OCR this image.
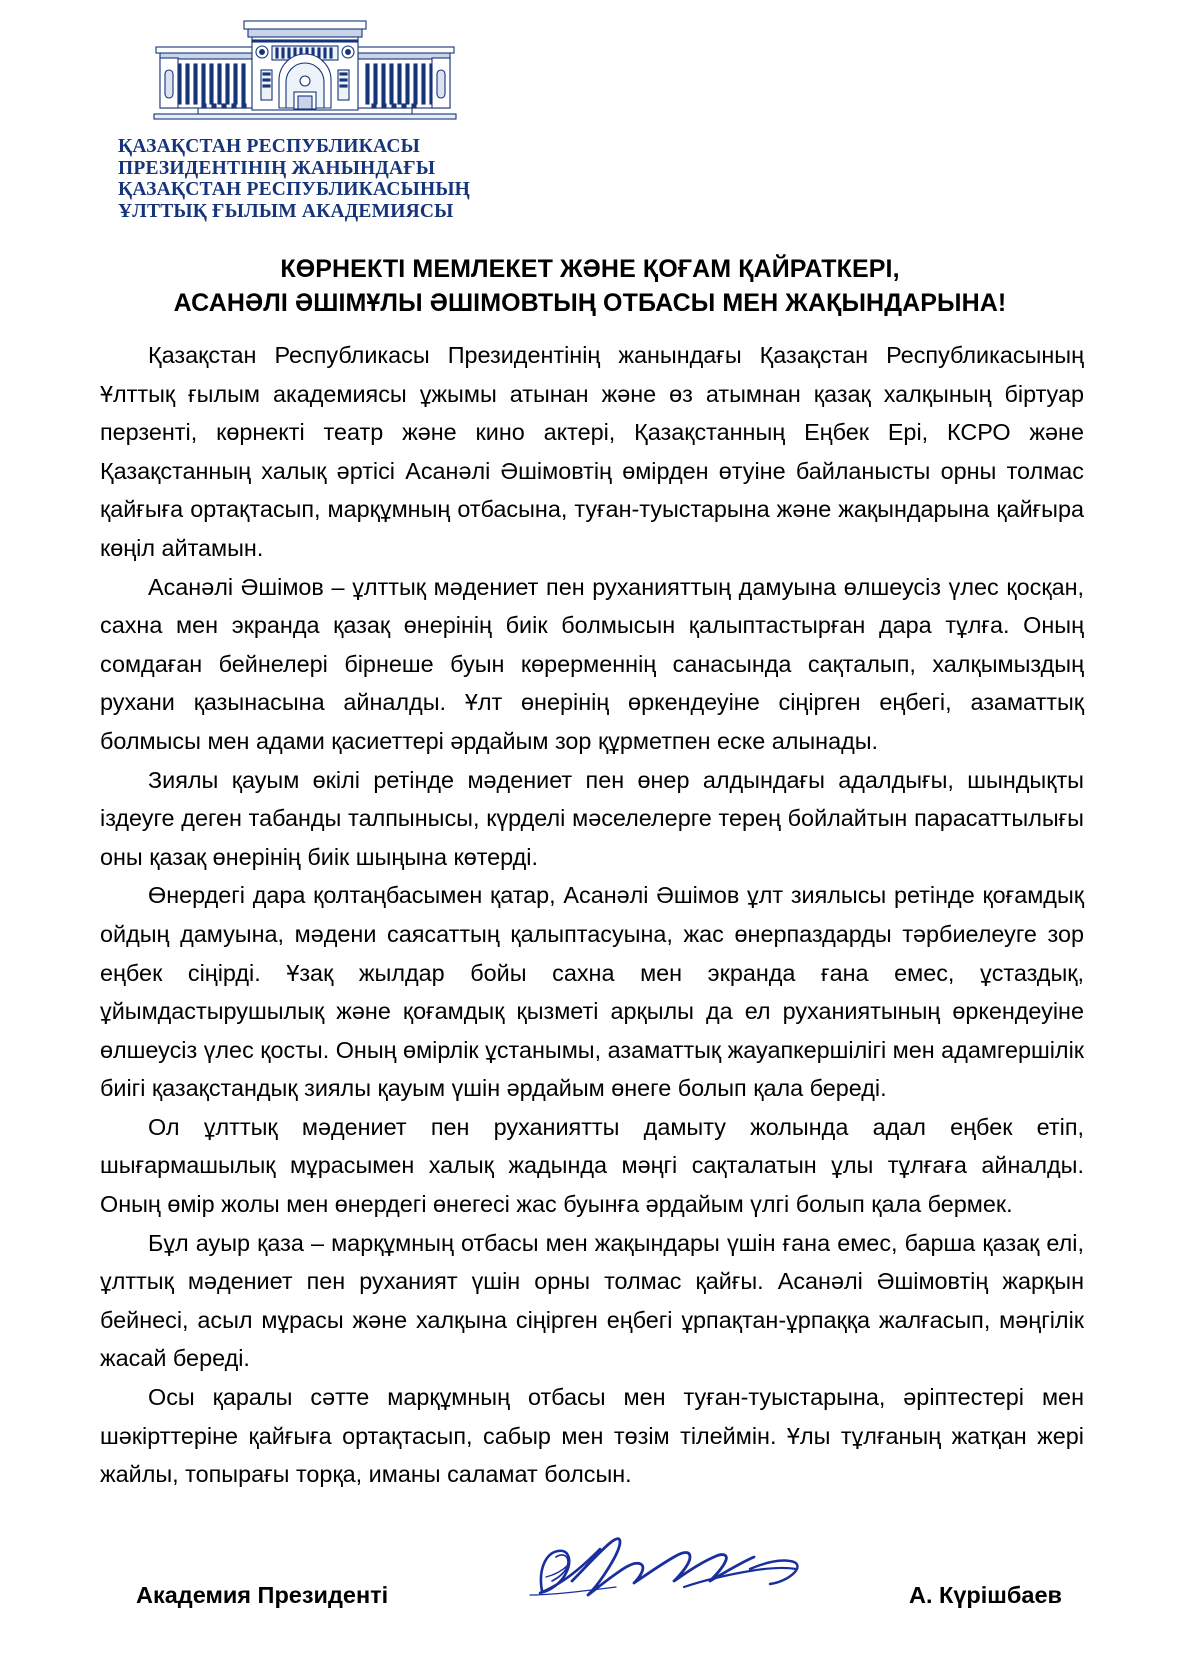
ҚАЗАҚСТАН РЕСПУБЛИКАСЫ
ПРЕЗИДЕНТІНІҢ ЖАНЫНДАҒЫ
ҚАЗАҚСТАН РЕСПУБЛИКАСЫНЫҢ
ҰЛТТЫҚ ҒЫЛЫМ АКАДЕМИЯСЫ
КӨРНЕКТІ МЕМЛЕКЕТ ЖӘНЕ ҚОҒАМ ҚАЙРАТКЕРІ,
АСАНӘЛІ ӘШІМҰЛЫ ӘШІМОВТЫҢ ОТБАСЫ МЕН ЖАҚЫНДАРЫНА!

Қазақстан Республикасы Президентінің жанындағы Қазақстан Республикасының Ұлттық ғылым академиясы ұжымы атынан және өз атымнан қазақ халқының біртуар перзенті, көрнекті театр және кино актері, Қазақстанның Еңбек Ері, КСРО және Қазақстанның халық әртісі Асанәлі Әшімовтің өмірден өтуіне байланысты орны толмас қайғыға ортақтасып, марқұмның отбасына, туған-туыстарына және жақындарына қайғыра көңіл айтамын.

Асанәлі Әшімов – ұлттық мәдениет пен руханияттың дамуына өлшеусіз үлес қосқан, сахна мен экранда қазақ өнерінің биік болмысын қалыптастырған дара тұлға. Оның сомдаған бейнелері бірнеше буын көрерменнің санасында сақталып, халқымыздың рухани қазынасына айналды. Ұлт өнерінің өркендеуіне сіңірген еңбегі, азаматтық болмысы мен адами қасиеттері әрдайым зор құрметпен еске алынады.

Зиялы қауым өкілі ретінде мәдениет пен өнер алдындағы адалдығы, шындықты іздеуге деген табанды талпынысы, күрделі мәселелерге терең бойлайтын парасаттылығы оны қазақ өнерінің биік шыңына көтерді.

Өнердегі дара қолтаңбасымен қатар, Асанәлі Әшімов ұлт зиялысы ретінде қоғамдық ойдың дамуына, мәдени саясаттың қалыптасуына, жас өнерпаздарды тәрбиелеуге зор еңбек сіңірді. Ұзақ жылдар бойы сахна мен экранда ғана емес, ұстаздық, ұйымдастырушылық және қоғамдық қызметі арқылы да ел руханиятының өркендеуіне өлшеусіз үлес қосты. Оның өмірлік ұстанымы, азаматтық жауапкершілігі мен адамгершілік биігі қазақстандық зиялы қауым үшін әрдайым өнеге болып қала береді.

Ол ұлттық мәдениет пен руханиятты дамыту жолында адал еңбек етіп, шығармашылық мұрасымен халық жадында мәңгі сақталатын ұлы тұлғаға айналды. Оның өмір жолы мен өнердегі өнегесі жас буынға әрдайым үлгі болып қала бермек.

Бұл ауыр қаза – марқұмның отбасы мен жақындары үшін ғана емес, барша қазақ елі, ұлттық мәдениет пен руханият үшін орны толмас қайғы. Асанәлі Әшімовтің жарқын бейнесі, асыл мұрасы және халқына сіңірген еңбегі ұрпақтан-ұрпаққа жалғасып, мәңгілік жасай береді.

Осы қаралы сәтте марқұмның отбасы мен туған-туыстарына, әріптестері мен шәкірттеріне қайғыға ортақтасып, сабыр мен төзім тілеймін. Ұлы тұлғаның жатқан жері жайлы, топырағы торқа, иманы саламат болсын.

Академия Президенті	А. Күрішбаев
